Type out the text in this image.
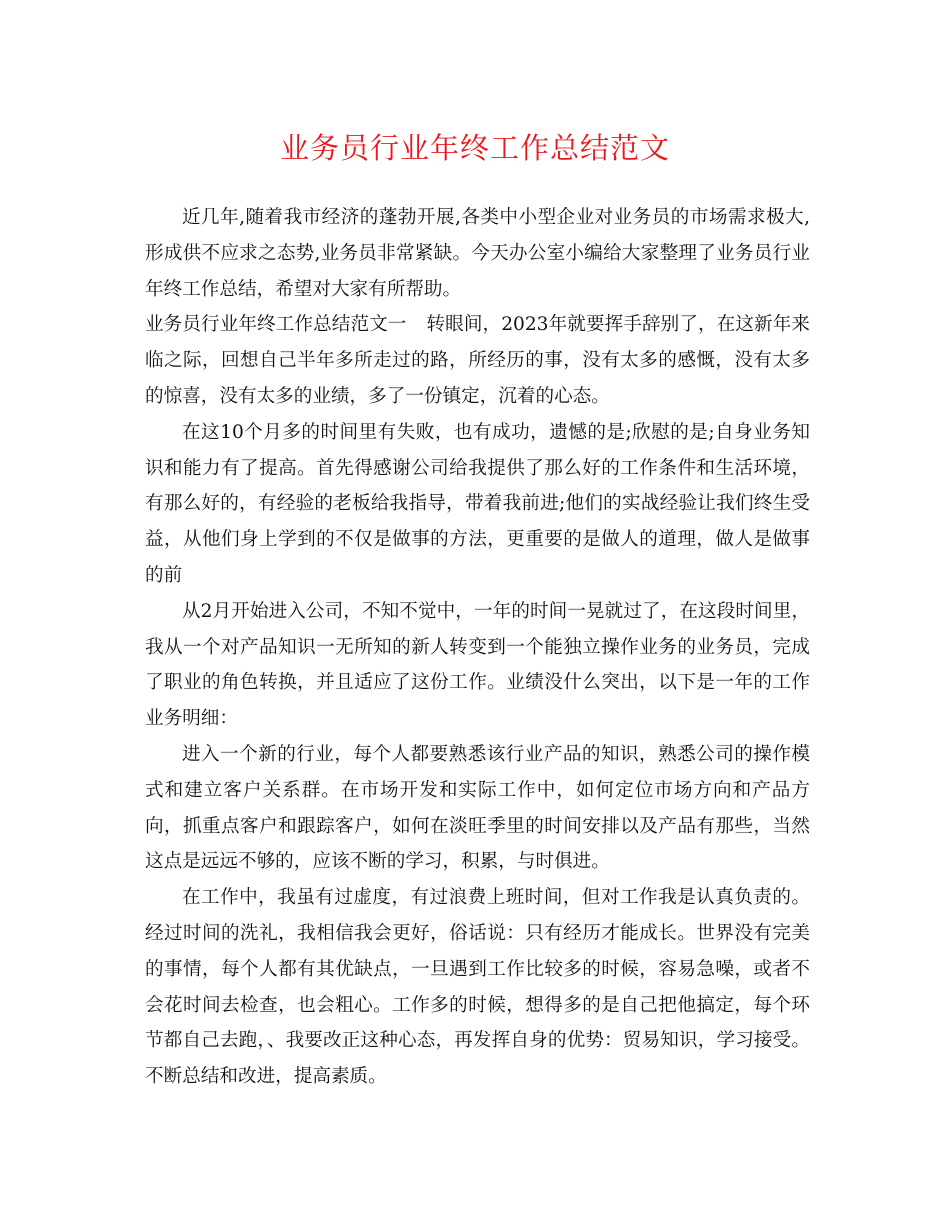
业务员行业年终工作总结范文

近几年,随着我市经济的蓬勃开展,各类中小型企业对业务员的市场需求极大,形成供不应求之态势,业务员非常紧缺。今天办公室小编给大家整理了业务员行业年终工作总结，希望对大家有所帮助。

业务员行业年终工作总结范文一 转眼间，2023年就要挥手辞别了，在这新年来临之际，回想自己半年多所走过的路，所经历的事，没有太多的感慨，没有太多的惊喜，没有太多的业绩，多了一份镇定，沉着的心态。

在这10个月多的时间里有失败，也有成功，遗憾的是;欣慰的是;自身业务知识和能力有了提高。首先得感谢公司给我提供了那么好的工作条件和生活环境，有那么好的，有经验的老板给我指导，带着我前进;他们的实战经验让我们终生受益，从他们身上学到的不仅是做事的方法，更重要的是做人的道理，做人是做事的前

从2月开始进入公司，不知不觉中，一年的时间一晃就过了，在这段时间里，我从一个对产品知识一无所知的新人转变到一个能独立操作业务的业务员，完成了职业的角色转换，并且适应了这份工作。业绩没什么突出，以下是一年的工作业务明细：

进入一个新的行业，每个人都要熟悉该行业产品的知识，熟悉公司的操作模式和建立客户关系群。在市场开发和实际工作中，如何定位市场方向和产品方向，抓重点客户和跟踪客户，如何在淡旺季里的时间安排以及产品有那些，当然这点是远远不够的，应该不断的学习，积累，与时俱进。

在工作中，我虽有过虚度，有过浪费上班时间，但对工作我是认真负责的。经过时间的洗礼，我相信我会更好，俗话说：只有经历才能成长。世界没有完美的事情，每个人都有其优缺点，一旦遇到工作比较多的时候，容易急噪，或者不会花时间去检查，也会粗心。工作多的时候，想得多的是自己把他搞定，每个环节都自己去跑，、我要改正这种心态，再发挥自身的优势：贸易知识，学习接受。不断总结和改进，提高素质。
